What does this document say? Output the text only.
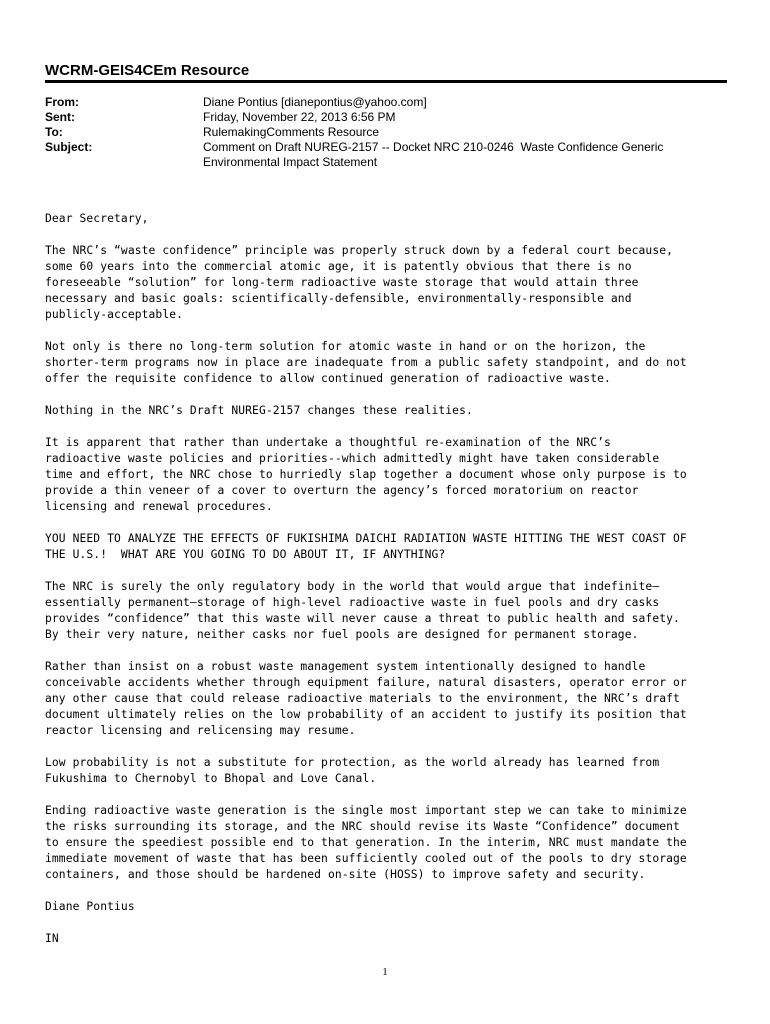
WCRM-GEIS4CEm Resource
From:	Diane Pontius [dianepontius@yahoo.com]
Sent:	Friday, November 22, 2013 6:56 PM
To:	RulemakingComments Resource
Subject:	Comment on Draft NUREG-2157 -- Docket NRC 210-0246  Waste Confidence Generic
Environmental Impact Statement

Dear Secretary,

The NRC’s “waste confidence” principle was properly struck down by a federal court because,
some 60 years into the commercial atomic age, it is patently obvious that there is no
foreseeable “solution” for long-term radioactive waste storage that would attain three
necessary and basic goals: scientifically-defensible, environmentally-responsible and
publicly-acceptable.

Not only is there no long-term solution for atomic waste in hand or on the horizon, the
shorter-term programs now in place are inadequate from a public safety standpoint, and do not
offer the requisite confidence to allow continued generation of radioactive waste.

Nothing in the NRC’s Draft NUREG-2157 changes these realities.

It is apparent that rather than undertake a thoughtful re-examination of the NRC’s
radioactive waste policies and priorities--which admittedly might have taken considerable
time and effort, the NRC chose to hurriedly slap together a document whose only purpose is to
provide a thin veneer of a cover to overturn the agency’s forced moratorium on reactor
licensing and renewal procedures.

YOU NEED TO ANALYZE THE EFFECTS OF FUKISHIMA DAICHI RADIATION WASTE HITTING THE WEST COAST OF
THE U.S.!  WHAT ARE YOU GOING TO DO ABOUT IT, IF ANYTHING?

The NRC is surely the only regulatory body in the world that would argue that indefinite—
essentially permanent—storage of high-level radioactive waste in fuel pools and dry casks
provides “confidence” that this waste will never cause a threat to public health and safety.
By their very nature, neither casks nor fuel pools are designed for permanent storage.

Rather than insist on a robust waste management system intentionally designed to handle
conceivable accidents whether through equipment failure, natural disasters, operator error or
any other cause that could release radioactive materials to the environment, the NRC’s draft
document ultimately relies on the low probability of an accident to justify its position that
reactor licensing and relicensing may resume.

Low probability is not a substitute for protection, as the world already has learned from
Fukushima to Chernobyl to Bhopal and Love Canal.

Ending radioactive waste generation is the single most important step we can take to minimize
the risks surrounding its storage, and the NRC should revise its Waste “Confidence” document
to ensure the speediest possible end to that generation. In the interim, NRC must mandate the
immediate movement of waste that has been sufficiently cooled out of the pools to dry storage
containers, and those should be hardened on-site (HOSS) to improve safety and security.

Diane Pontius

IN

1
